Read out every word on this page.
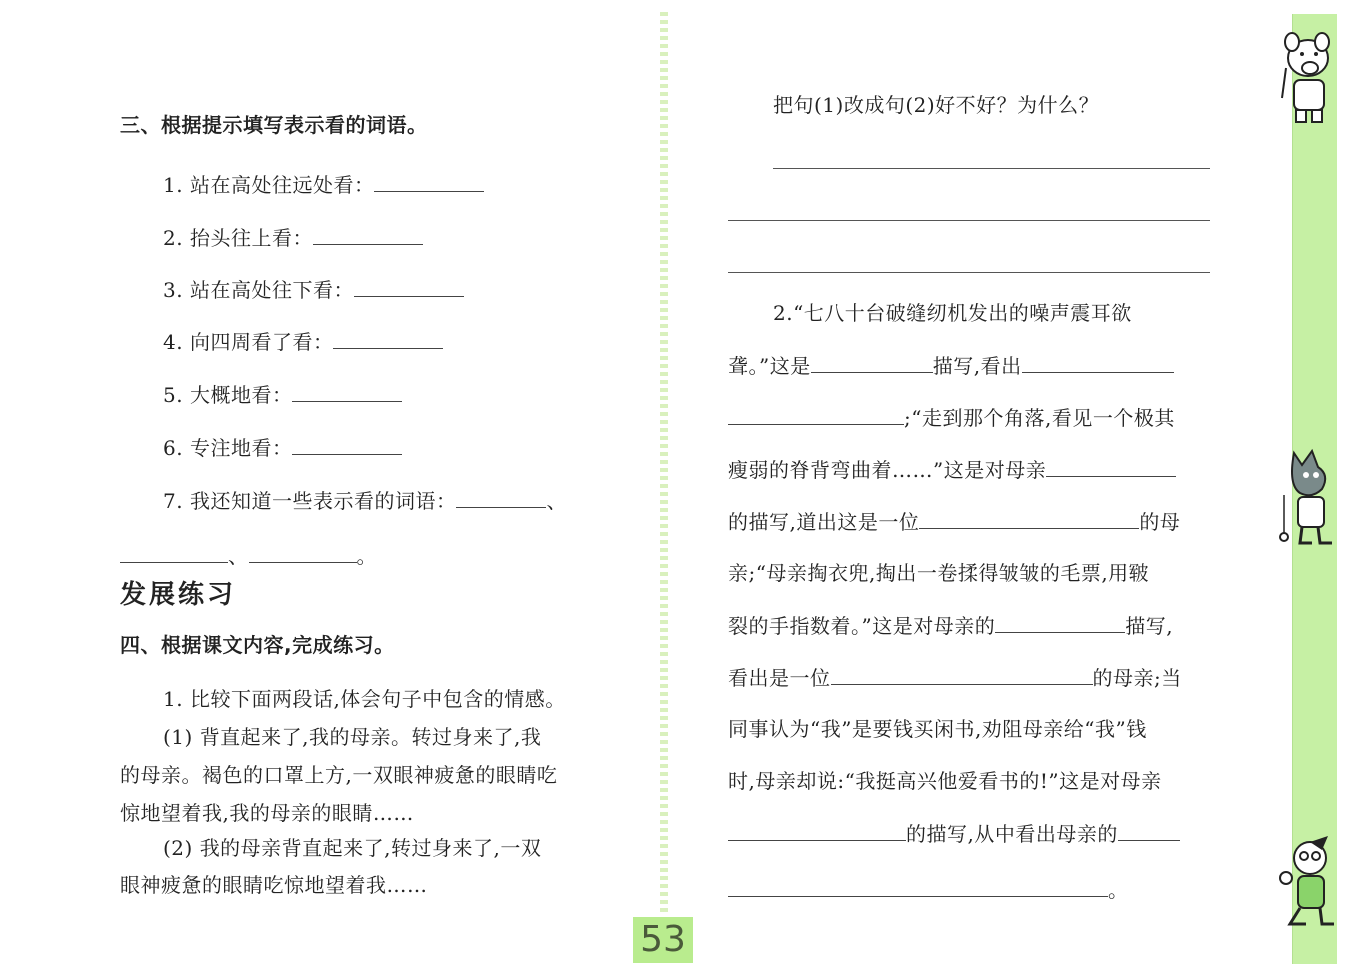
三、根据提示填写表示看的词语。
1. 站在高处往远处看：
2. 抬头往上看：
3. 站在高处往下看：
4. 向四周看了看：
5. 大概地看：
6. 专注地看：
7. 我还知道一些表示看的词语：	、
、	。
发展练习
四、根据课文内容,完成练习。
1. 比较下面两段话,体会句子中包含的情感。
(1) 背直起来了,我的母亲。转过身来了,我
的母亲。褐色的口罩上方,一双眼神疲惫的眼睛吃
惊地望着我,我的母亲的眼睛……
(2) 我的母亲背直起来了,转过身来了,一双
眼神疲惫的眼睛吃惊地望着我……
把句(1)改成句(2)好不好？为什么？
2.“七八十台破缝纫机发出的噪声震耳欲
聋。”这是	描写,看出
;“走到那个角落,看见一个极其
瘦弱的脊背弯曲着……”这是对母亲
的描写,道出这是一位	的母
亲;“母亲掏衣兜,掏出一卷揉得皱皱的毛票,用皲
裂的手指数着。”这是对母亲的	描写,
看出是一位	的母亲;当
同事认为“我”是要钱买闲书,劝阻母亲给“我”钱
时,母亲却说:“我挺高兴他爱看书的!”这是对母亲
的描写,从中看出母亲的
。
53
